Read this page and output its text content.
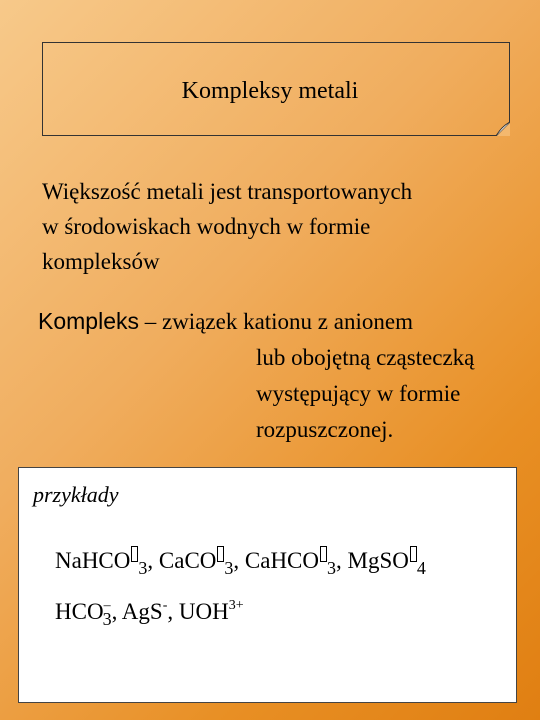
Kompleksy metali
Większość metali jest transportowanych
w środowiskach wodnych w formie
kompleksów
Kompleks – związek kationu z anionem
lub obojętną cząsteczką
występujący w formie
rozpuszczonej.
przykłady
NaHCO $_3$, CaCO $_3$, CaHCO $_3$, MgSO $_4$
$HCO^-_3$, AgS-, $UOH^{3+}$
